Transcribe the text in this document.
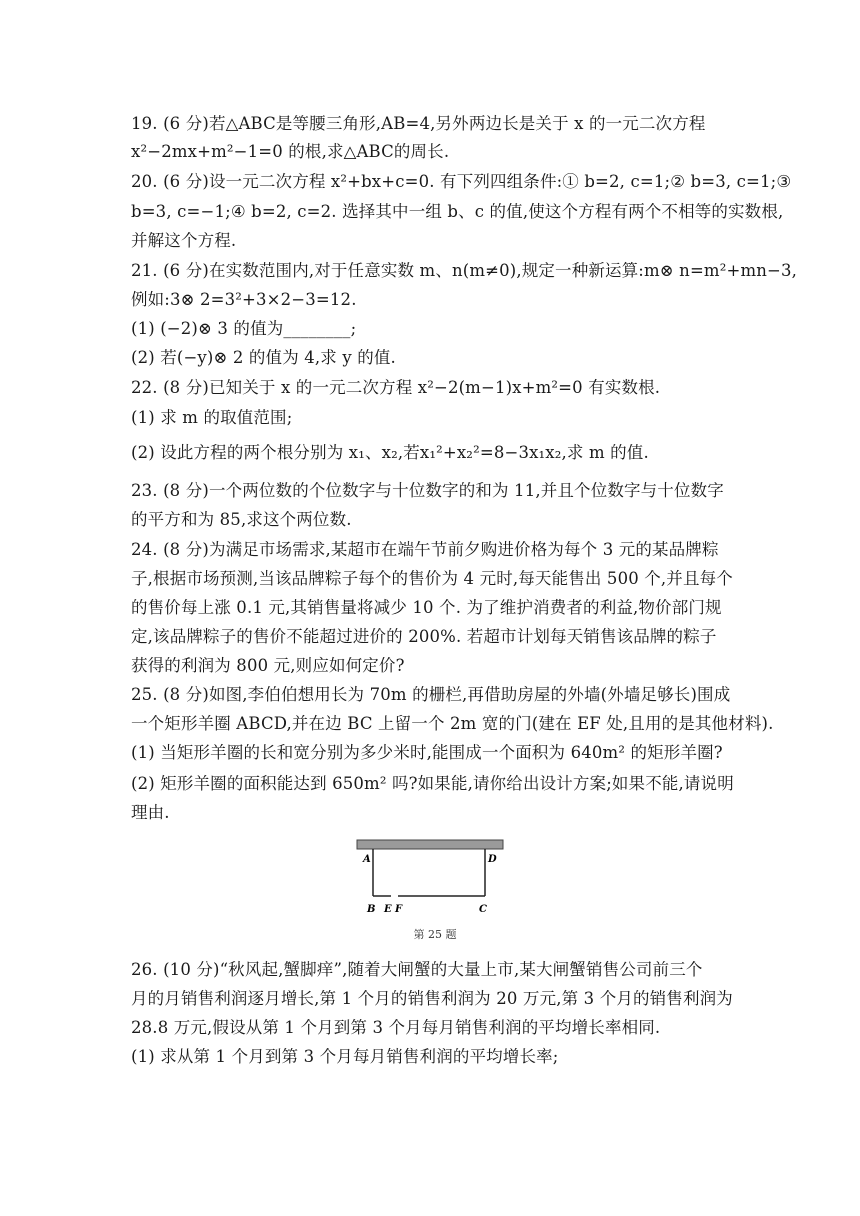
19. (6 分)若△ABC是等腰三角形,AB=4,另外两边长是关于 x 的一元二次方程
x²−2mx+m²−1=0 的根,求△ABC的周长.
20. (6 分)设一元二次方程 x²+bx+c=0. 有下列四组条件:① b=2, c=1;② b=3, c=1;③
b=3, c=−1;④ b=2, c=2. 选择其中一组 b、c 的值,使这个方程有两个不相等的实数根,
并解这个方程.
21. (6 分)在实数范围内,对于任意实数 m、n(m≠0),规定一种新运算:m⊗ n=m²+mn−3,
例如:3⊗ 2=3²+3×2−3=12.
(1) (−2)⊗ 3 的值为________;
(2) 若(−y)⊗ 2 的值为 4,求 y 的值.
22. (8 分)已知关于 x 的一元二次方程 x²−2(m−1)x+m²=0 有实数根.
(1) 求 m 的取值范围;
(2) 设此方程的两个根分别为 x₁、x₂,若x₁²+x₂²=8−3x₁x₂,求 m 的值.
23. (8 分)一个两位数的个位数字与十位数字的和为 11,并且个位数字与十位数字
的平方和为 85,求这个两位数.
24. (8 分)为满足市场需求,某超市在端午节前夕购进价格为每个 3 元的某品牌粽
子,根据市场预测,当该品牌粽子每个的售价为 4 元时,每天能售出 500 个,并且每个
的售价每上涨 0.1 元,其销售量将减少 10 个. 为了维护消费者的利益,物价部门规
定,该品牌粽子的售价不能超过进价的 200%. 若超市计划每天销售该品牌的粽子
获得的利润为 800 元,则应如何定价?
25. (8 分)如图,李伯伯想用长为 70m 的栅栏,再借助房屋的外墙(外墙足够长)围成
一个矩形羊圈 ABCD,并在边 BC 上留一个 2m 宽的门(建在 EF 处,且用的是其他材料).
(1) 当矩形羊圈的长和宽分别为多少米时,能围成一个面积为 640m² 的矩形羊圈?
(2) 矩形羊圈的面积能达到 650m² 吗?如果能,请你给出设计方案;如果不能,请说明
理由.
26. (10 分)“秋风起,蟹脚痒”,随着大闸蟹的大量上市,某大闸蟹销售公司前三个
月的月销售利润逐月增长,第 1 个月的销售利润为 20 万元,第 3 个月的销售利润为
28.8 万元,假设从第 1 个月到第 3 个月每月销售利润的平均增长率相同.
(1) 求从第 1 个月到第 3 个月每月销售利润的平均增长率;
A	D
B E F	C
第 25 题
